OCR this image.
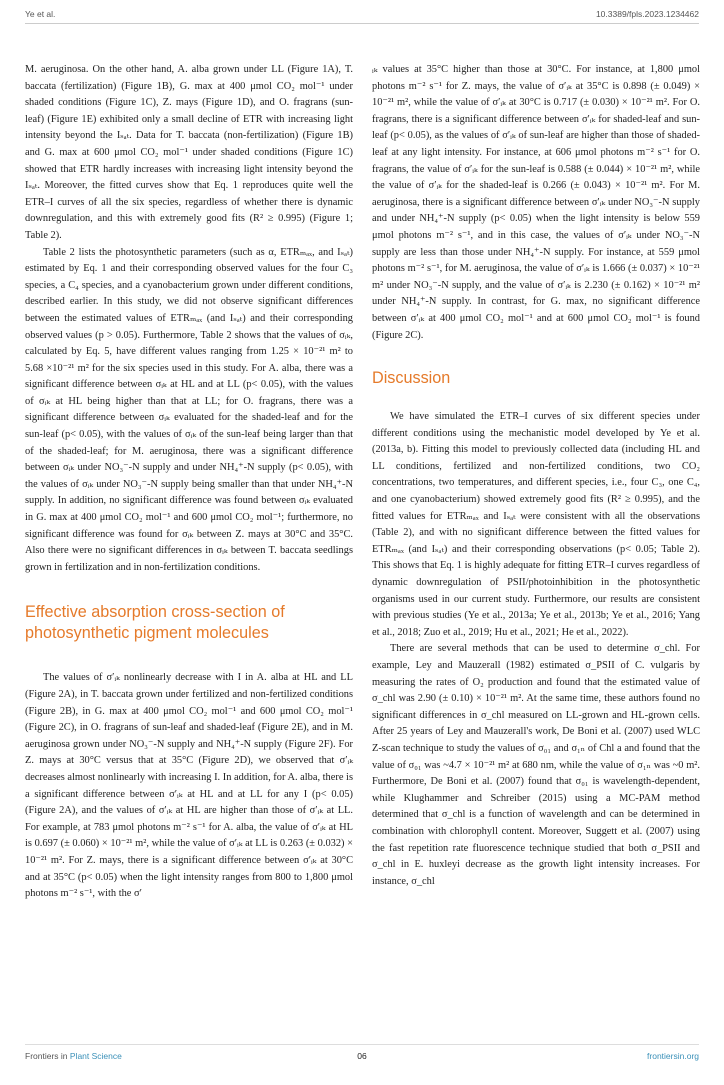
Ye et al.	10.3389/fpls.2023.1234462

M. aeruginosa. On the other hand, A. alba grown under LL (Figure 1A), T. baccata (fertilization) (Figure 1B), G. max at 400 μmol CO₂ mol⁻¹ under shaded conditions (Figure 1C), Z. mays (Figure 1D), and O. fragrans (sun-leaf) (Figure 1E) exhibited only a small decline of ETR with increasing light intensity beyond the Iₛₐₜ. Data for T. baccata (non-fertilization) (Figure 1B) and G. max at 600 μmol CO₂ mol⁻¹ under shaded conditions (Figure 1C) showed that ETR hardly increases with increasing light intensity beyond the Iₛₐₜ. Moreover, the fitted curves show that Eq. 1 reproduces quite well the ETR–I curves of all the six species, regardless of whether there is dynamic downregulation, and this with extremely good fits (R² ≥ 0.995) (Figure 1; Table 2).

Table 2 lists the photosynthetic parameters (such as α, ETRₘₐₓ, and Iₛₐₜ) estimated by Eq. 1 and their corresponding observed values for the four C₃ species, a C₄ species, and a cyanobacterium grown under different conditions, described earlier. In this study, we did not observe significant differences between the estimated values of ETRₘₐₓ (and Iₛₐₜ) and their corresponding observed values (p > 0.05). Furthermore, Table 2 shows that the values of σᵢₖ, calculated by Eq. 5, have different values ranging from 1.25 × 10⁻²¹ m² to 5.68 ×10⁻²¹ m² for the six species used in this study. For A. alba, there was a significant difference between σᵢₖ at HL and at LL (p< 0.05), with the values of σᵢₖ at HL being higher than that at LL; for O. fragrans, there was a significant difference between σᵢₖ evaluated for the shaded-leaf and for the sun-leaf (p< 0.05), with the values of σᵢₖ of the sun-leaf being larger than that of the shaded-leaf; for M. aeruginosa, there was a significant difference between σᵢₖ under NO₃⁻-N supply and under NH₄⁺-N supply (p< 0.05), with the values of σᵢₖ under NO₃⁻-N supply being smaller than that under NH₄⁺-N supply. In addition, no significant difference was found between σᵢₖ evaluated in G. max at 400 μmol CO₂ mol⁻¹ and 600 μmol CO₂ mol⁻¹; furthermore, no significant difference was found for σᵢₖ between Z. mays at 30°C and 35°C. Also there were no significant differences in σᵢₖ between T. baccata seedlings grown in fertilization and in non-fertilization conditions.

Effective absorption cross-section of photosynthetic pigment molecules

The values of σ′ᵢₖ nonlinearly decrease with I in A. alba at HL and LL (Figure 2A), in T. baccata grown under fertilized and non-fertilized conditions (Figure 2B), in G. max at 400 μmol CO₂ mol⁻¹ and 600 μmol CO₂ mol⁻¹ (Figure 2C), in O. fragrans of sun-leaf and shaded-leaf (Figure 2E), and in M. aeruginosa grown under NO₃⁻-N supply and NH₄⁺-N supply (Figure 2F). For Z. mays at 30°C versus that at 35°C (Figure 2D), we observed that σ′ᵢₖ decreases almost nonlinearly with increasing I. In addition, for A. alba, there is a significant difference between σ′ᵢₖ at HL and at LL for any I (p< 0.05) (Figure 2A), and the values of σ′ᵢₖ at HL are higher than those of σ′ᵢₖ at LL. For example, at 783 μmol photons m⁻² s⁻¹ for A. alba, the value of σ′ᵢₖ at HL is 0.697 (± 0.060) × 10⁻²¹ m², while the value of σ′ᵢₖ at LL is 0.263 (± 0.032) × 10⁻²¹ m². For Z. mays, there is a significant difference between σ′ᵢₖ at 30°C and at 35°C (p< 0.05) when the light intensity ranges from 800 to 1,800 μmol photons m⁻² s⁻¹, with the σ′

ᵢₖ values at 35°C higher than those at 30°C. For instance, at 1,800 μmol photons m⁻² s⁻¹ for Z. mays, the value of σ′ᵢₖ at 35°C is 0.898 (± 0.049) × 10⁻²¹ m², while the value of σ′ᵢₖ at 30°C is 0.717 (± 0.030) × 10⁻²¹ m². For O. fragrans, there is a significant difference between σ′ᵢₖ for shaded-leaf and sun-leaf (p< 0.05), as the values of σ′ᵢₖ of sun-leaf are higher than those of shaded-leaf at any light intensity. For instance, at 606 μmol photons m⁻² s⁻¹ for O. fragrans, the value of σ′ᵢₖ for the sun-leaf is 0.588 (± 0.044) × 10⁻²¹ m², while the value of σ′ᵢₖ for the shaded-leaf is 0.266 (± 0.043) × 10⁻²¹ m². For M. aeruginosa, there is a significant difference between σ′ᵢₖ under NO₃⁻-N supply and under NH₄⁺-N supply (p< 0.05) when the light intensity is below 559 μmol photons m⁻² s⁻¹, and in this case, the values of σ′ᵢₖ under NO₃⁻-N supply are less than those under NH₄⁺-N supply. For instance, at 559 μmol photons m⁻² s⁻¹, for M. aeruginosa, the value of σ′ᵢₖ is 1.666 (± 0.037) × 10⁻²¹ m² under NO₃⁻-N supply, and the value of σ′ᵢₖ is 2.230 (± 0.162) × 10⁻²¹ m² under NH₄⁺-N supply. In contrast, for G. max, no significant difference between σ′ᵢₖ at 400 μmol CO₂ mol⁻¹ and at 600 μmol CO₂ mol⁻¹ is found (Figure 2C).

Discussion

We have simulated the ETR–I curves of six different species under different conditions using the mechanistic model developed by Ye et al. (2013a, b). Fitting this model to previously collected data (including HL and LL conditions, fertilized and non-fertilized conditions, two CO₂ concentrations, two temperatures, and different species, i.e., four C₃, one C₄, and one cyanobacterium) showed extremely good fits (R² ≥ 0.995), and the fitted values for ETRₘₐₓ and Iₛₐₜ were consistent with all the observations (Table 2), and with no significant difference between the fitted values for ETRₘₐₓ (and Iₛₐₜ) and their corresponding observations (p< 0.05; Table 2). This shows that Eq. 1 is highly adequate for fitting ETR–I curves regardless of dynamic downregulation of PSII/photoinhibition in the photosynthetic organisms used in our current study. Furthermore, our results are consistent with previous studies (Ye et al., 2013a; Ye et al., 2013b; Ye et al., 2016; Yang et al., 2018; Zuo et al., 2019; Hu et al., 2021; He et al., 2022).

There are several methods that can be used to determine σ_chl. For example, Ley and Mauzerall (1982) estimated σ_PSII of C. vulgaris by measuring the rates of O₂ production and found that the estimated value of σ_chl was 2.90 (± 0.10) × 10⁻²¹ m². At the same time, these authors found no significant differences in σ_chl measured on LL-grown and HL-grown cells. After 25 years of Ley and Mauzerall's work, De Boni et al. (2007) used WLC Z-scan technique to study the values of σ₀₁ and σ₁ₙ of Chl a and found that the value of σ₀₁ was ~4.7 × 10⁻²¹ m² at 680 nm, while the value of σ₁ₙ was ~0 m². Furthermore, De Boni et al. (2007) found that σ₀₁ is wavelength-dependent, while Klughammer and Schreiber (2015) using a MC-PAM method determined that σ_chl is a function of wavelength and can be determined in combination with chlorophyll content. Moreover, Suggett et al. (2007) using the fast repetition rate fluorescence technique studied that both σ_PSII and σ_chl in E. huxleyi decrease as the growth light intensity increases. For instance, σ_chl

Frontiers in Plant Science	06	frontiersin.org
